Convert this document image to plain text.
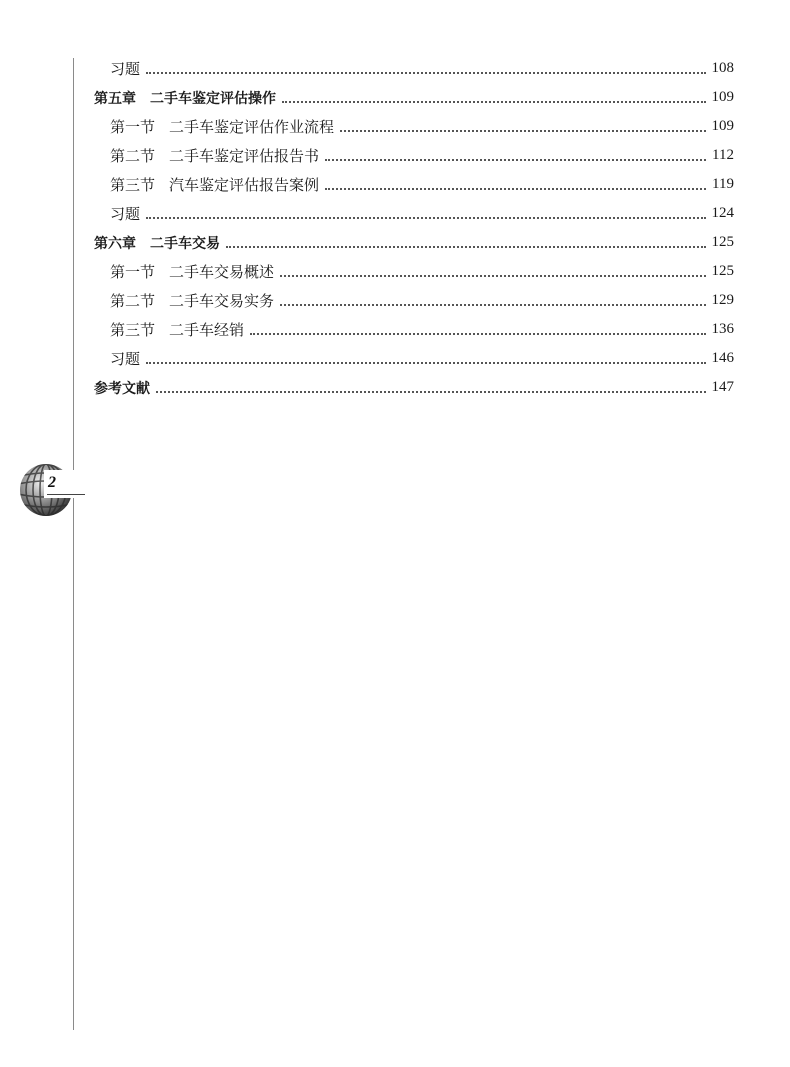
习题	108
第五章 二手车鉴定评估操作	109
第一节 二手车鉴定评估作业流程	109
第二节 二手车鉴定评估报告书	112
第三节 汽车鉴定评估报告案例	119
习题	124
第六章 二手车交易	125
第一节 二手车交易概述	125
第二节 二手车交易实务	129
第三节 二手车经销	136
习题	146
参考文献	147
2
